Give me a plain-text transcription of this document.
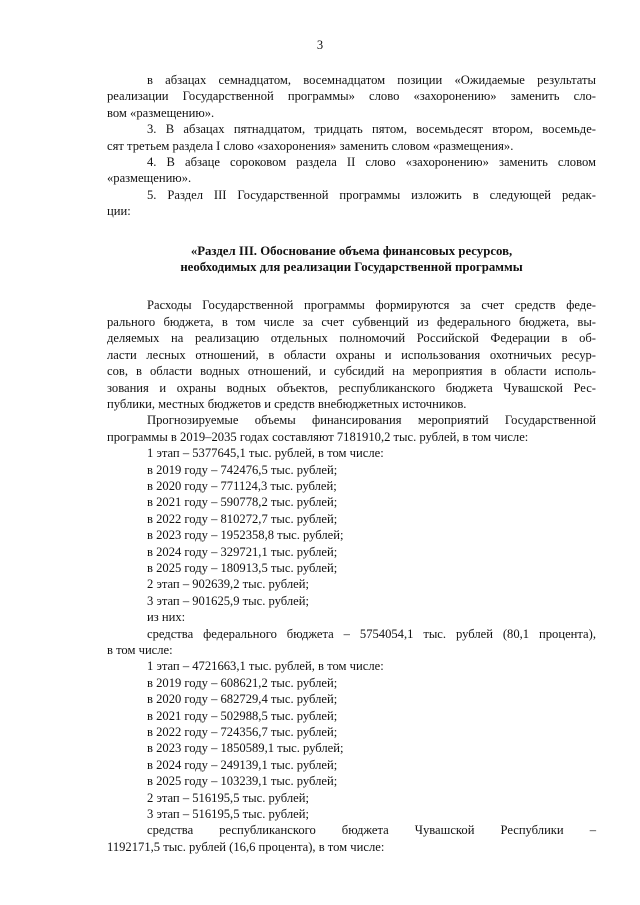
3
в абзацах семнадцатом, восемнадцатом позиции «Ожидаемые результаты
реализации Государственной программы» слово «захоронению» заменить сло-
вом «размещению».
3. В абзацах пятнадцатом, тридцать пятом, восемьдесят втором, восемьде-
сят третьем раздела I слово «захоронения» заменить словом «размещения».
4. В абзаце сороковом раздела II слово «захоронению» заменить словом
«размещению».
5. Раздел III Государственной программы изложить в следующей редак-
ции:
«Раздел III. Обоснование объема финансовых ресурсов,
необходимых для реализации Государственной программы
Расходы Государственной программы формируются за счет средств феде-
рального бюджета, в том числе за счет субвенций из федерального бюджета, вы-
деляемых на реализацию отдельных полномочий Российской Федерации в об-
ласти лесных отношений, в области охраны и использования охотничьих ресур-
сов, в области водных отношений, и субсидий на мероприятия в области исполь-
зования и охраны водных объектов, республиканского бюджета Чувашской Рес-
публики, местных бюджетов и средств внебюджетных источников.
Прогнозируемые объемы финансирования мероприятий Государственной
программы в 2019–2035 годах составляют 7181910,2 тыс. рублей, в том числе:
1 этап – 5377645,1 тыс. рублей, в том числе:
в 2019 году – 742476,5 тыс. рублей;
в 2020 году – 771124,3 тыс. рублей;
в 2021 году – 590778,2 тыс. рублей;
в 2022 году – 810272,7 тыс. рублей;
в 2023 году – 1952358,8 тыс. рублей;
в 2024 году – 329721,1 тыс. рублей;
в 2025 году – 180913,5 тыс. рублей;
2 этап – 902639,2 тыс. рублей;
3 этап – 901625,9 тыс. рублей;
из них:
средства федерального бюджета – 5754054,1 тыс. рублей (80,1 процента),
в том числе:
1 этап – 4721663,1 тыс. рублей, в том числе:
в 2019 году – 608621,2 тыс. рублей;
в 2020 году – 682729,4 тыс. рублей;
в 2021 году – 502988,5 тыс. рублей;
в 2022 году – 724356,7 тыс. рублей;
в 2023 году – 1850589,1 тыс. рублей;
в 2024 году – 249139,1 тыс. рублей;
в 2025 году – 103239,1 тыс. рублей;
2 этап – 516195,5 тыс. рублей;
3 этап – 516195,5 тыс. рублей;
средства республиканского бюджета Чувашской Республики –
1192171,5 тыс. рублей (16,6 процента), в том числе:
